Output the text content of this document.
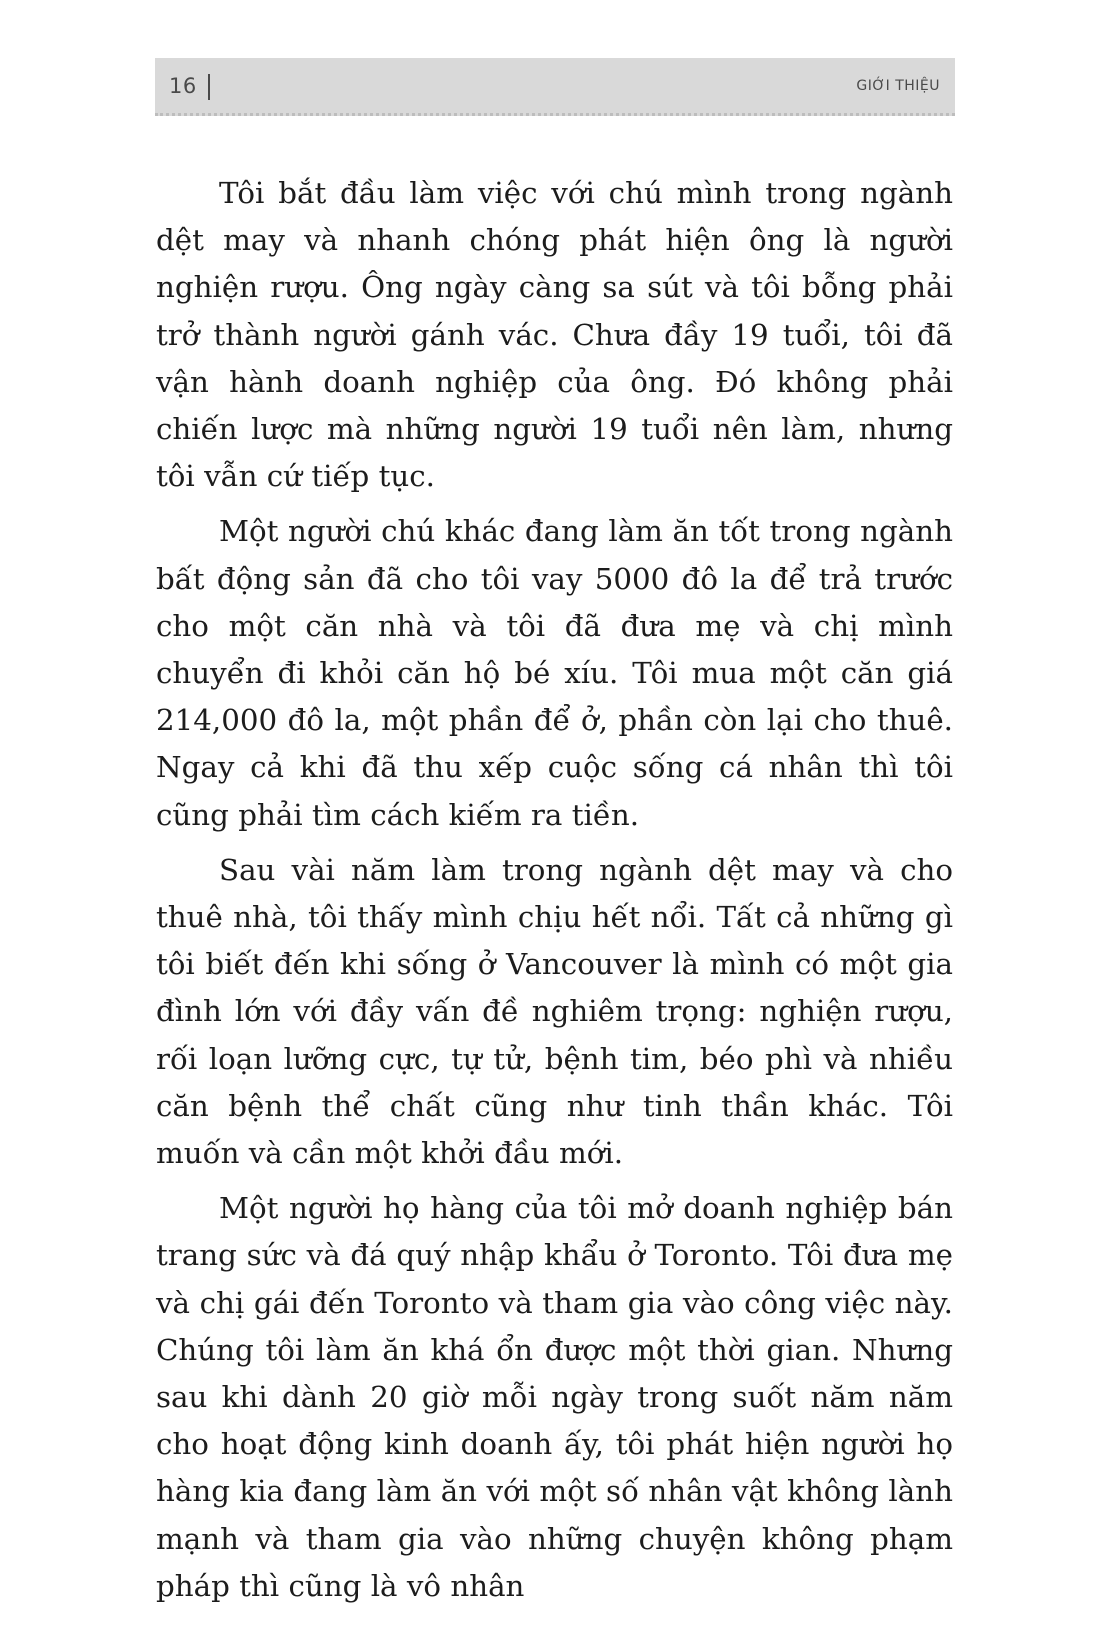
16	GIỚI THIỆU

Tôi bắt đầu làm việc với chú mình trong ngành dệt may và nhanh chóng phát hiện ông là người nghiện rượu. Ông ngày càng sa sút và tôi bỗng phải trở thành người gánh vác. Chưa đầy 19 tuổi, tôi đã vận hành doanh nghiệp của ông. Đó không phải chiến lược mà những người 19 tuổi nên làm, nhưng tôi vẫn cứ tiếp tục.

Một người chú khác đang làm ăn tốt trong ngành bất động sản đã cho tôi vay 5000 đô la để trả trước cho một căn nhà và tôi đã đưa mẹ và chị mình chuyển đi khỏi căn hộ bé xíu. Tôi mua một căn giá 214,000 đô la, một phần để ở, phần còn lại cho thuê. Ngay cả khi đã thu xếp cuộc sống cá nhân thì tôi cũng phải tìm cách kiếm ra tiền.

Sau vài năm làm trong ngành dệt may và cho thuê nhà, tôi thấy mình chịu hết nổi. Tất cả những gì tôi biết đến khi sống ở Vancouver là mình có một gia đình lớn với đầy vấn đề nghiêm trọng: nghiện rượu, rối loạn lưỡng cực, tự tử, bệnh tim, béo phì và nhiều căn bệnh thể chất cũng như tinh thần khác. Tôi muốn và cần một khởi đầu mới.

Một người họ hàng của tôi mở doanh nghiệp bán trang sức và đá quý nhập khẩu ở Toronto. Tôi đưa mẹ và chị gái đến Toronto và tham gia vào công việc này. Chúng tôi làm ăn khá ổn được một thời gian. Nhưng sau khi dành 20 giờ mỗi ngày trong suốt năm năm cho hoạt động kinh doanh ấy, tôi phát hiện người họ hàng kia đang làm ăn với một số nhân vật không lành mạnh và tham gia vào những chuyện không phạm pháp thì cũng là vô nhân
